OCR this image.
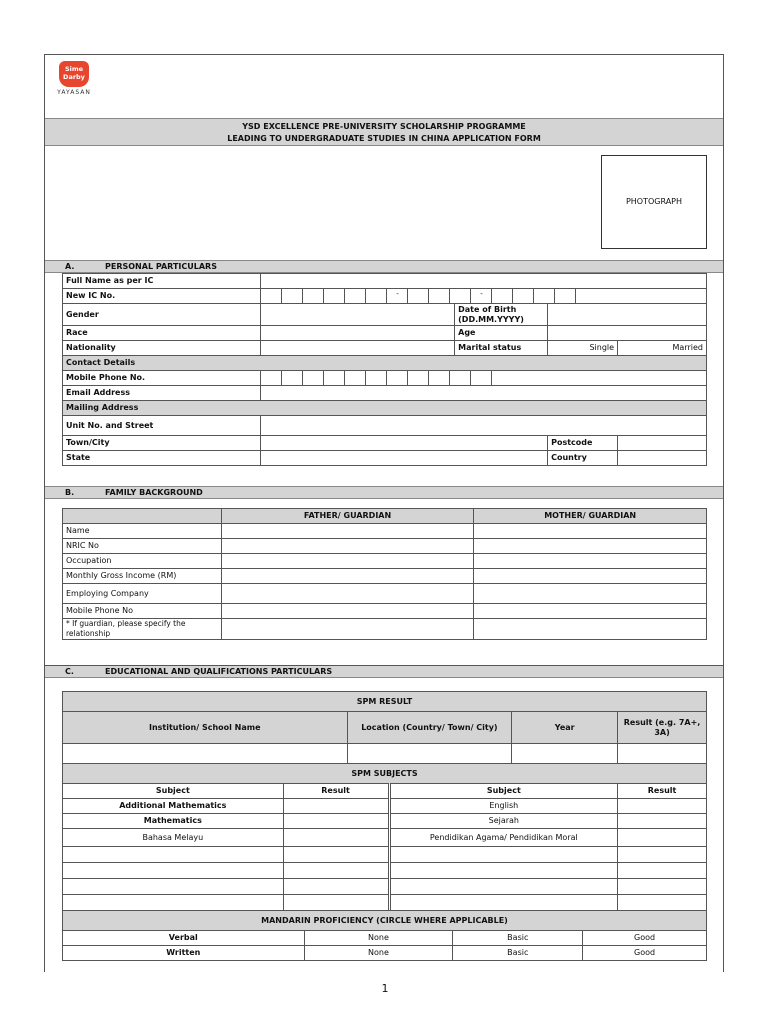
Sime
Darby
YAYASAN
YSD EXCELLENCE PRE-UNIVERSITY SCHOLARSHIP PROGRAMME
LEADING TO UNDERGRADUATE STUDIES IN CHINA APPLICATION FORM
PHOTOGRAPH
A.	PERSONAL PARTICULARS
Full Name as per IC				
New IC No.	- -			

Gender		Date of Birth (DD.MM.YYYY)		
Race		Age		
Nationality		Marital status	Single	Married
Contact Details				
Mobile Phone No.				

Email Address				
Mailing Address				
Unit No. and Street				
Town/City			Postcode	
State			Country	
B.	FAMILY BACKGROUND
	FATHER/ GUARDIAN	MOTHER/ GUARDIAN
Name		
NRIC No		
Occupation		
Monthly Gross Income (RM)		
Employing Company		
Mobile Phone No		
* If guardian, please specify the relationship		
C.	EDUCATIONAL AND QUALIFICATIONS PARTICULARS
SPM RESULT			
Institution/ School Name	Location (Country/ Town/ City)	Year	Result (e.g. 7A+, 3A)

SPM SUBJECTS			
Subject	Result	Subject	Result
Additional Mathematics		English	
Mathematics		Sejarah	
Bahasa Melayu		Pendidikan Agama/ Pendidikan Moral	

MANDARIN PROFICIENCY (CIRCLE WHERE APPLICABLE)			
Verbal	None	Basic	Good
Written	None	Basic	Good
1
